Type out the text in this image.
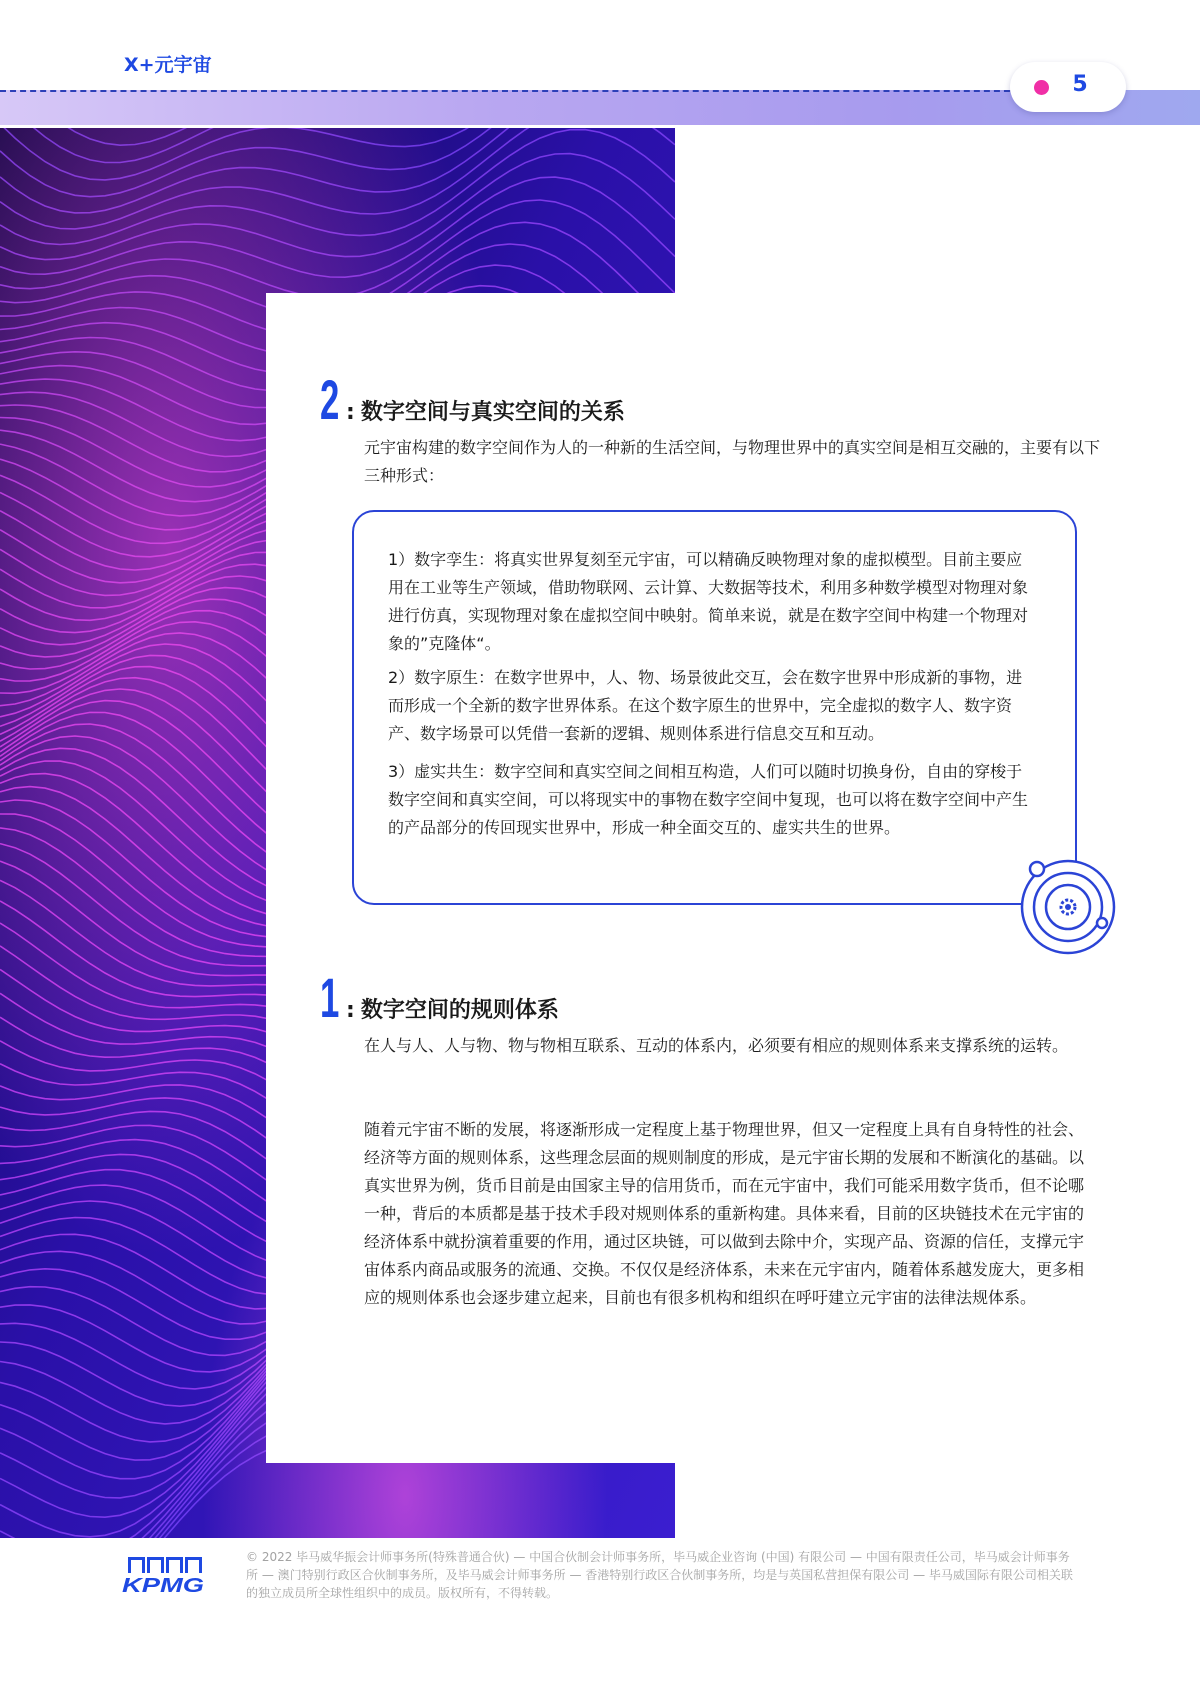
X+元宇宙
5
2 : 数字空间与真实空间的关系

元宇宙构建的数字空间作为人的一种新的生活空间，与物理世界中的真实空间是相互交融的，主要有以下三种形式：

1）数字孪生：将真实世界复刻至元宇宙，可以精确反映物理对象的虚拟模型。目前主要应用在工业等生产领域，借助物联网、云计算、大数据等技术，利用多种数学模型对物理对象进行仿真，实现物理对象在虚拟空间中映射。简单来说，就是在数字空间中构建一个物理对象的”克隆体“。

2）数字原生：在数字世界中，人、物、场景彼此交互，会在数字世界中形成新的事物，进而形成一个全新的数字世界体系。在这个数字原生的世界中，完全虚拟的数字人、数字资产、数字场景可以凭借一套新的逻辑、规则体系进行信息交互和互动。

3）虚实共生：数字空间和真实空间之间相互构造，人们可以随时切换身份，自由的穿梭于数字空间和真实空间，可以将现实中的事物在数字空间中复现，也可以将在数字空间中产生的产品部分的传回现实世界中，形成一种全面交互的、虚实共生的世界。

1 : 数字空间的规则体系

在人与人、人与物、物与物相互联系、互动的体系内，必须要有相应的规则体系来支撑系统的运转。

随着元宇宙不断的发展，将逐渐形成一定程度上基于物理世界，但又一定程度上具有自身特性的社会、经济等方面的规则体系，这些理念层面的规则制度的形成，是元宇宙长期的发展和不断演化的基础。以真实世界为例，货币目前是由国家主导的信用货币，而在元宇宙中，我们可能采用数字货币，但不论哪一种，背后的本质都是基于技术手段对规则体系的重新构建。具体来看，目前的区块链技术在元宇宙的经济体系中就扮演着重要的作用，通过区块链，可以做到去除中介，实现产品、资源的信任，支撑元宇宙体系内商品或服务的流通、交换。不仅仅是经济体系，未来在元宇宙内，随着体系越发庞大，更多相应的规则体系也会逐步建立起来，目前也有很多机构和组织在呼吁建立元宇宙的法律法规体系。

KPMG
© 2022 毕马威华振会计师事务所(特殊普通合伙) — 中国合伙制会计师事务所，毕马威企业咨询 (中国) 有限公司 — 中国有限责任公司，毕马威会计师事务所 — 澳门特别行政区合伙制事务所，及毕马威会计师事务所 — 香港特别行政区合伙制事务所，均是与英国私营担保有限公司 — 毕马威国际有限公司相关联的独立成员所全球性组织中的成员。版权所有，不得转载。
